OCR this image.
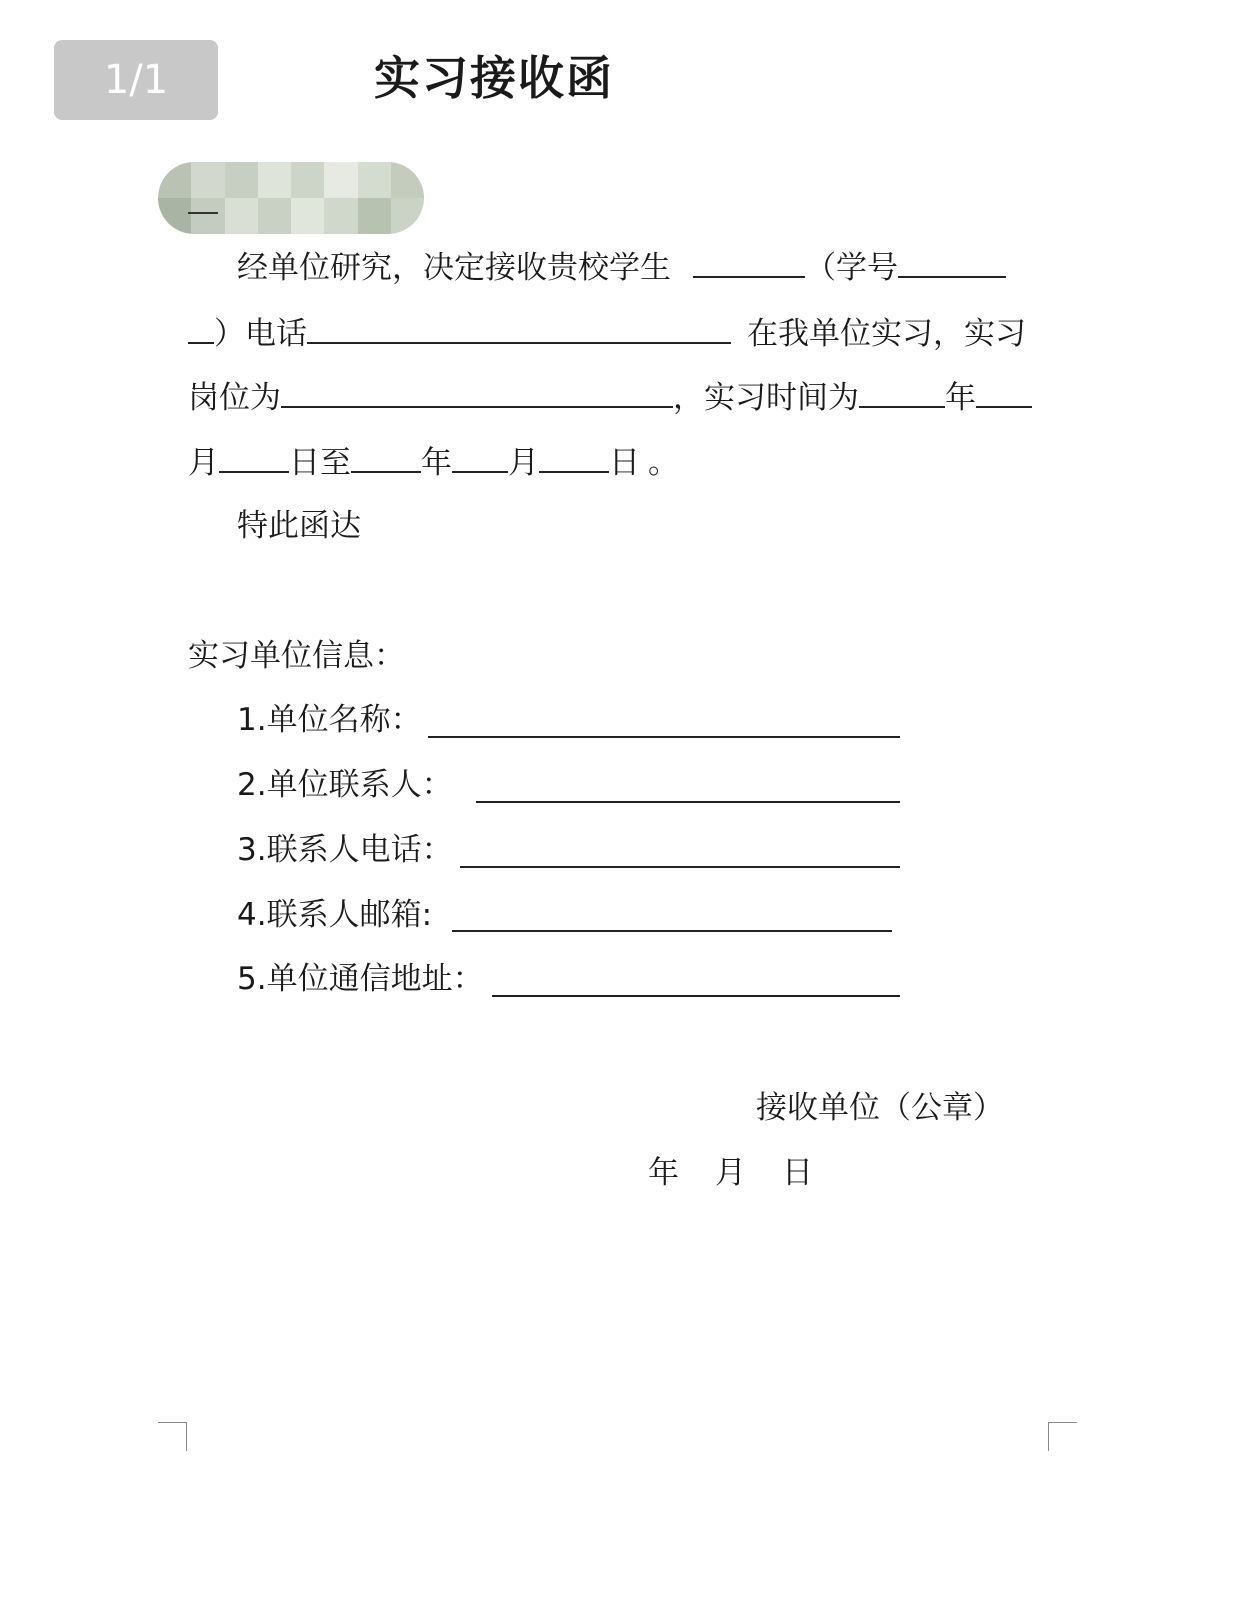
1/1	实习接收函
经单位研究，决定接收贵校学生	（学号
）电话	在我单位实习，实习
岗位为	，实习时间为	年
月 日至 年 月 日 。
特此函达
实习单位信息：
1.单位名称：
2.单位联系人：
3.联系人电话：
4.联系人邮箱:
5.单位通信地址：
接收单位（公章）
年 月 日
